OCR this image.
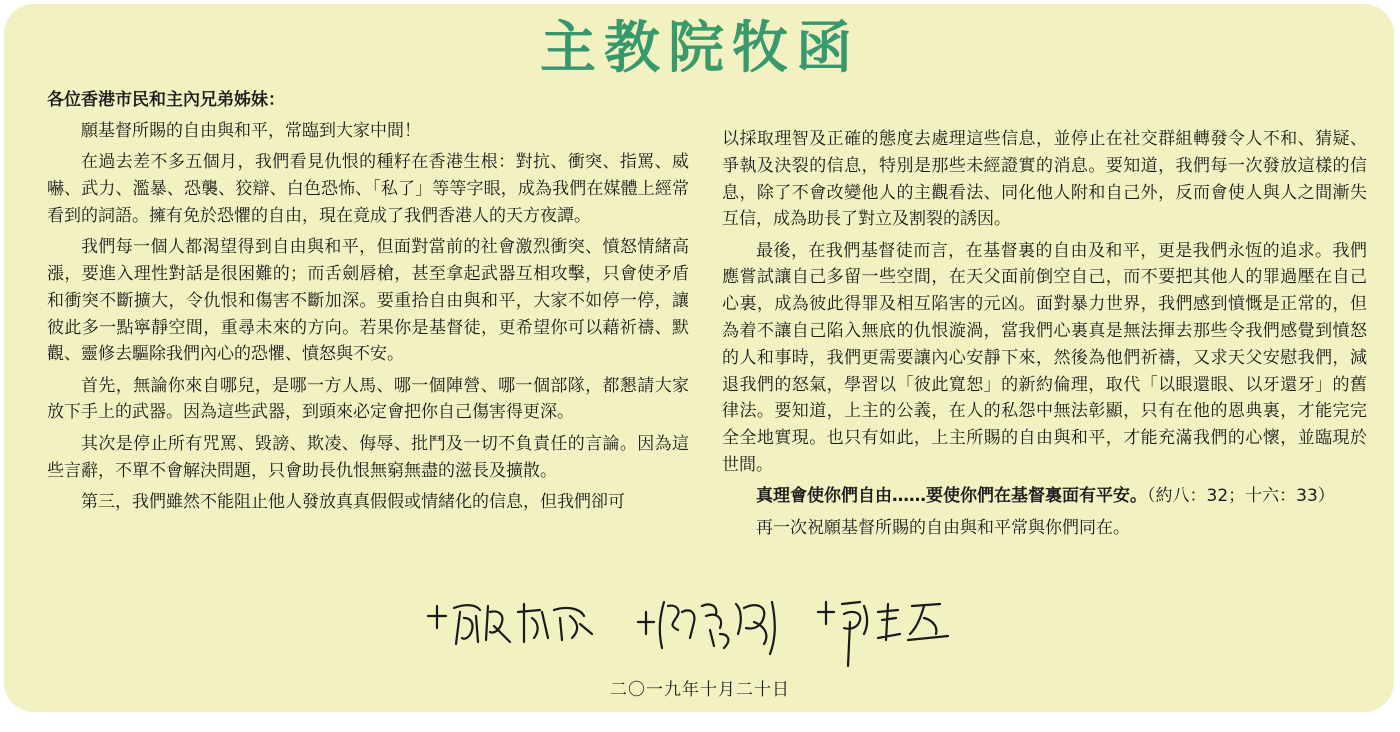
主教院牧函
各位香港市民和主內兄弟姊妹：

願基督所賜的自由與和平，常臨到大家中間！

在過去差不多五個月，我們看見仇恨的種籽在香港生根：對抗、衝突、指罵、威嚇、武力、濫暴、恐襲、狡辯、白色恐怖、「私了」等等字眼，成為我們在媒體上經常看到的詞語。擁有免於恐懼的自由，現在竟成了我們香港人的天方夜譚。

我們每一個人都渴望得到自由與和平，但面對當前的社會激烈衝突、憤怒情緒高漲，要進入理性對話是很困難的；而舌劍唇槍，甚至拿起武器互相攻擊，只會使矛盾和衝突不斷擴大，令仇恨和傷害不斷加深。要重拾自由與和平，大家不如停一停，讓彼此多一點寧靜空間，重尋未來的方向。若果你是基督徒，更希望你可以藉祈禱、默觀、靈修去驅除我們內心的恐懼、憤怒與不安。

首先，無論你來自哪兒，是哪一方人馬、哪一個陣營、哪一個部隊，都懇請大家放下手上的武器。因為這些武器，到頭來必定會把你自己傷害得更深。

其次是停止所有咒罵、毀謗、欺凌、侮辱、批鬥及一切不負責任的言論。因為這些言辭，不單不會解決問題，只會助長仇恨無窮無盡的滋長及擴散。

第三，我們雖然不能阻止他人發放真真假假或情緒化的信息，但我們卻可

以採取理智及正確的態度去處理這些信息，並停止在社交群組轉發令人不和、猜疑、爭執及決裂的信息，特別是那些未經證實的消息。要知道，我們每一次發放這樣的信息，除了不會改變他人的主觀看法、同化他人附和自己外，反而會使人與人之間漸失互信，成為助長了對立及割裂的誘因。

最後，在我們基督徒而言，在基督裏的自由及和平，更是我們永恆的追求。我們應嘗試讓自己多留一些空間，在天父面前倒空自己，而不要把其他人的罪過壓在自己心裏，成為彼此得罪及相互陷害的元凶。面對暴力世界，我們感到憤慨是正常的，但為着不讓自己陷入無底的仇恨漩渦，當我們心裏真是無法揮去那些令我們感覺到憤怒的人和事時，我們更需要讓內心安靜下來，然後為他們祈禱，又求天父安慰我們，減退我們的怒氣，學習以「彼此寬恕」的新約倫理，取代「以眼還眼、以牙還牙」的舊律法。要知道，上主的公義，在人的私怨中無法彰顯，只有在他的恩典裏，才能完完全全地實現。也只有如此，上主所賜的自由與和平，才能充滿我們的心懷，並臨現於世間。

真理會使你們自由……要使你們在基督裏面有平安。（約八：32；十六：33）

再一次祝願基督所賜的自由與和平常與你們同在。

二〇一九年十月二十日
